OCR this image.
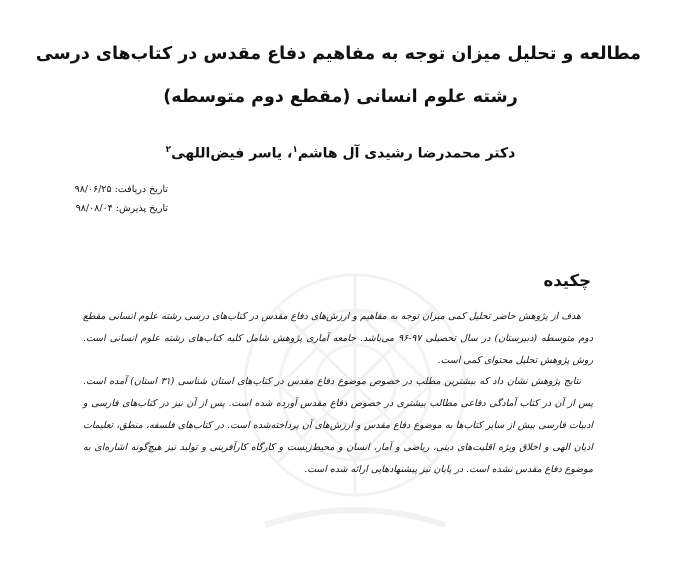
مطالعه و تحلیل میزان توجه به مفاهیم دفاع مقدس در کتاب‌های درسی
رشته علوم انسانی (مقطع دوم متوسطه)
دکتر محمدرضا رشیدی آل هاشم$^۱$، یاسر فیض‌اللهی$^۲$
تاریخ دریافت: ۹۸/۰۶/۲۵
تاریخ پذیرش: ۹۸/۰۸/۰۴
چکیده

هدف از پژوهش حاضر تحلیل کمی میزان توجه به مفاهیم و ارزش‌های دفاع مقدس در کتاب‌های درسی رشته علوم انسانی مقطع دوم متوسطه (دبیرستان) در سال تحصیلی ۹۷-۹۶ می‌باشد. جامعه آماری پژوهش شامل کلیه کتاب‌های رشته علوم انسانی است. روش پژوهش تحلیل محتوای کمی است.

نتایج پژوهش نشان داد که بیشترین مطلب در خصوص موضوع دفاع مقدس در کتاب‌های استان شناسی (۳۱ استان) آمده است. پس از آن در کتاب آمادگی دفاعی مطالب بیشتری در خصوص دفاع مقدس آورده شده است. پس از آن نیز در کتاب‌های فارسی و ادبیات فارسی بیش از سایر کتاب‌ها به موضوع دفاع مقدس و ارزش‌های آن پرداخته‌شده است. در کتاب‌های فلسفه، منطق، تعلیمات ادیان الهی و اخلاق ویژه اقلیت‌های دینی، ریاضی و آمار، انسان و محیط‌زیست و کارگاه کارآفرینی و تولید نیز هیچ‌گونه اشاره‌ای به موضوع دفاع مقدس نشده است. در پایان نیز پیشنهادهایی ارائه شده است.
